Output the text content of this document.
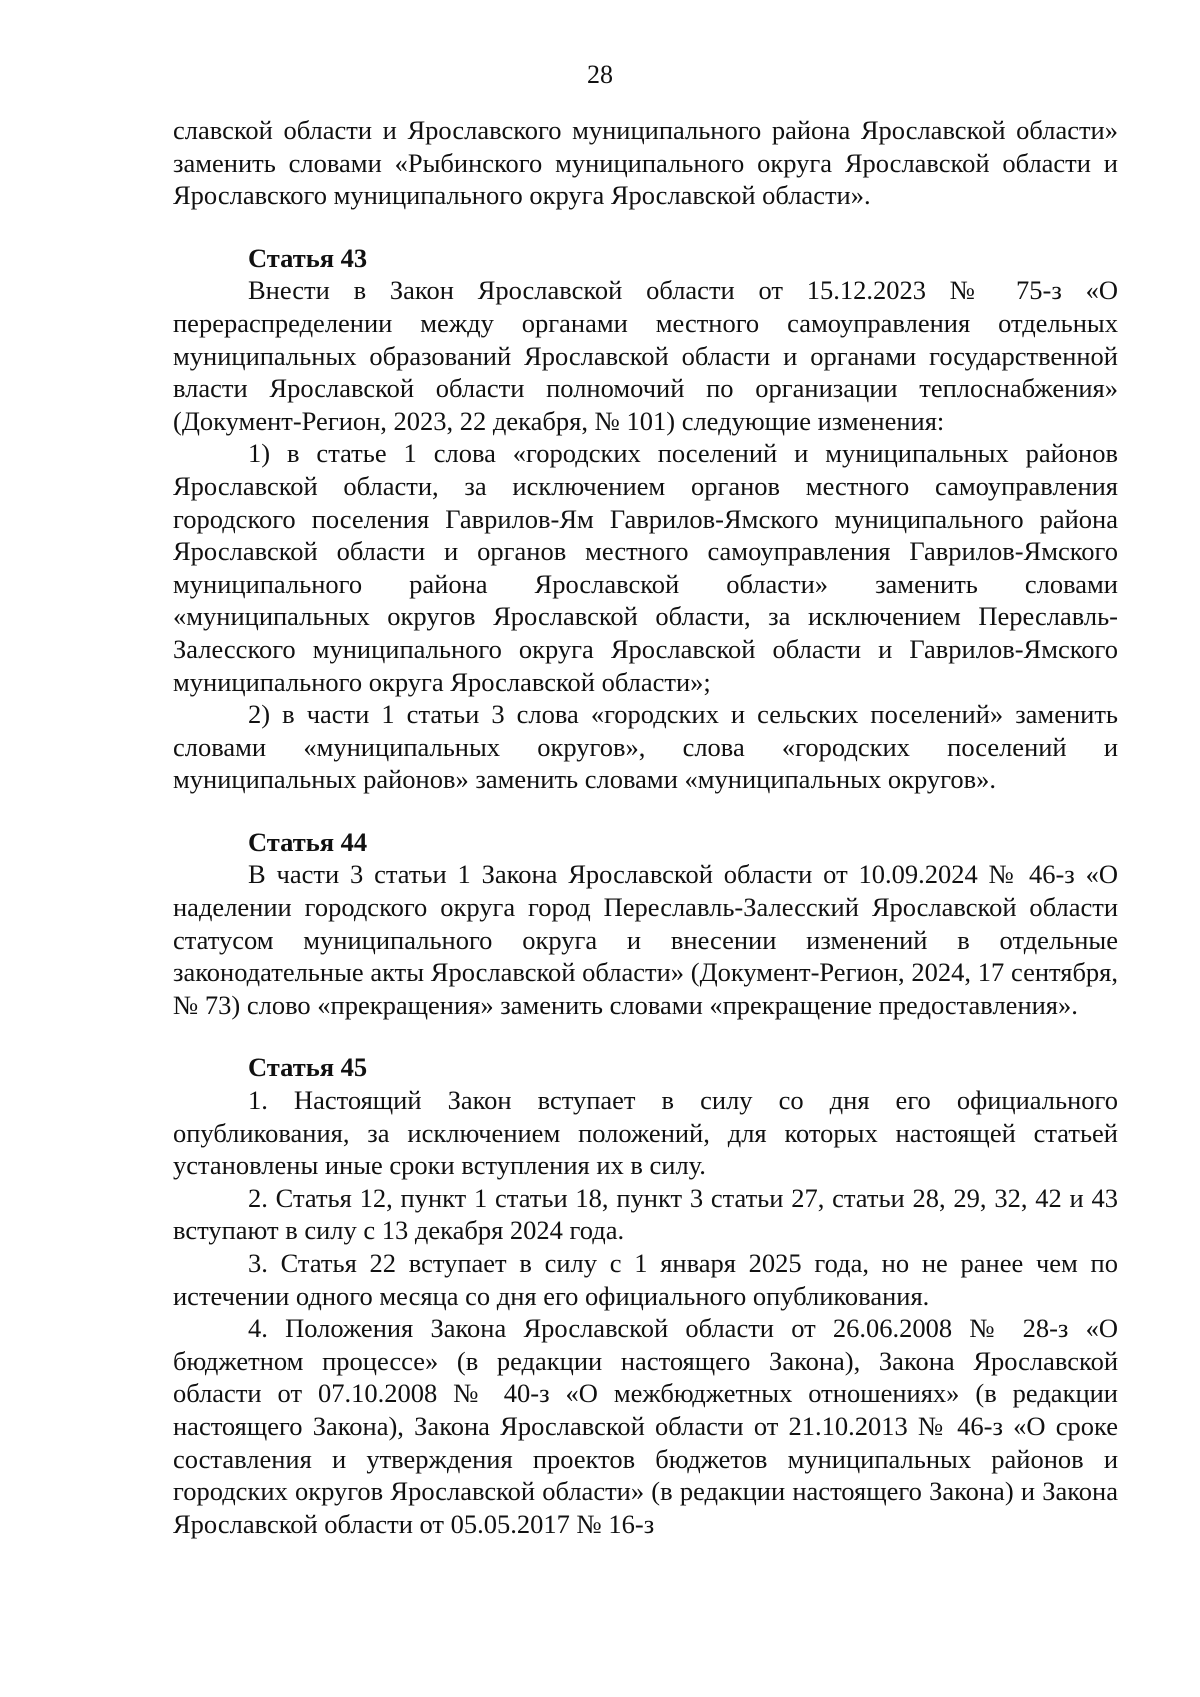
28

славской области и Ярославского муниципального района Ярославской области» заменить словами «Рыбинского муниципального округа Ярославской области и Ярославского муниципального округа Ярославской области».

Статья 43

Внести в Закон Ярославской области от 15.12.2023 № 75-з «О перераспределении между органами местного самоуправления отдельных муниципальных образований Ярославской области и органами государственной власти Ярославской области полномочий по организации теплоснабжения» (Документ-Регион, 2023, 22 декабря, № 101) следующие изменения:

1) в статье 1 слова «городских поселений и муниципальных районов Ярославской области, за исключением органов местного самоуправления городского поселения Гаврилов-Ям Гаврилов-Ямского муниципального района Ярославской области и органов местного самоуправления Гаврилов-Ямского муниципального района Ярославской области» заменить словами «муниципальных округов Ярославской области, за исключением Переславль-Залесского муниципального округа Ярославской области и Гаврилов-Ямского муниципального округа Ярославской области»;

2) в части 1 статьи 3 слова «городских и сельских поселений» заменить словами «муниципальных округов», слова «городских поселений и муниципальных районов» заменить словами «муниципальных округов».

Статья 44

В части 3 статьи 1 Закона Ярославской области от 10.09.2024 № 46-з «О наделении городского округа город Переславль-Залесский Ярославской области статусом муниципального округа и внесении изменений в отдельные законодательные акты Ярославской области» (Документ-Регион, 2024, 17 сентября, № 73) слово «прекращения» заменить словами «прекращение предоставления».

Статья 45

1. Настоящий Закон вступает в силу со дня его официального опубликования, за исключением положений, для которых настоящей статьей установлены иные сроки вступления их в силу.

2. Статья 12, пункт 1 статьи 18, пункт 3 статьи 27, статьи 28, 29, 32, 42 и 43 вступают в силу с 13 декабря 2024 года.

3. Статья 22 вступает в силу с 1 января 2025 года, но не ранее чем по истечении одного месяца со дня его официального опубликования.

4. Положения Закона Ярославской области от 26.06.2008 № 28-з «О бюджетном процессе» (в редакции настоящего Закона), Закона Ярославской области от 07.10.2008 № 40-з «О межбюджетных отношениях» (в редакции настоящего Закона), Закона Ярославской области от 21.10.2013 № 46-з «О сроке составления и утверждения проектов бюджетов муниципальных районов и городских округов Ярославской области» (в редакции настоящего Закона) и Закона Ярославской области от 05.05.2017 № 16-з
